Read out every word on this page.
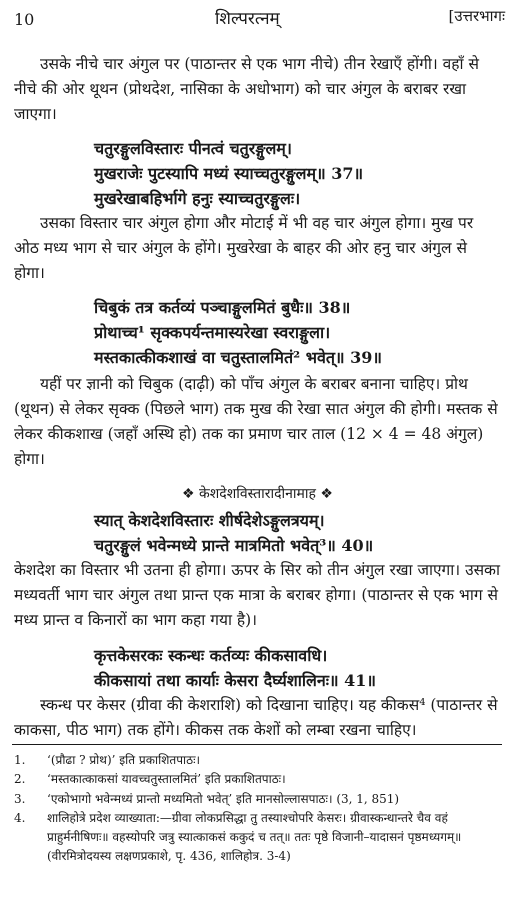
10	शिल्परत्नम्	[उत्तरभागः
उसके नीचे चार अंगुल पर (पाठान्तर से एक भाग नीचे) तीन रेखाएँ होंगी। वहाँ से नीचे की ओर थूथन (प्रोथदेश, नासिका के अधोभाग) को चार अंगुल के बराबर रखा जाएगा।
चतुरङ्गुलविस्तारः पीनत्वं चतुरङ्गुलम्।
मुखराजेः पुटस्यापि मध्यं स्याच्चतुरङ्गुलम्॥ 37॥
मुखरेखाबहिर्भागे हनुः स्याच्चतुरङ्गुलः।
उसका विस्तार चार अंगुल होगा और मोटाई में भी वह चार अंगुल होगा। मुख पर ओठ मध्य भाग से चार अंगुल के होंगे। मुखरेखा के बाहर की ओर हनु चार अंगुल से होगा।
चिबुकं तत्र कर्तव्यं पञ्चाङ्गुलमितं बुधैः॥ 38॥
प्रोथाच्च¹ सृक्कपर्यन्तमास्यरेखा स्वराङ्गुला।
मस्तकात्कीकशाखं वा चतुस्तालमितं² भवेत्॥ 39॥
यहीं पर ज्ञानी को चिबुक (दाढ़ी) को पाँच अंगुल के बराबर बनाना चाहिए। प्रोथ (थूथन) से लेकर सृक्क (पिछले भाग) तक मुख की रेखा सात अंगुल की होगी। मस्तक से लेकर कीकशाख (जहाँ अस्थि हो) तक का प्रमाण चार ताल (12 × 4 = 48 अंगुल) होगा।
❖ केशदेशविस्तारादीनामाह ❖
स्यात् केशदेशविस्तारः शीर्षदेशेऽङ्गुलत्रयम्।
चतुरङ्गुलं भवेन्मध्ये प्रान्ते मात्रमितो भवेत्³॥ 40॥
केशदेश का विस्तार भी उतना ही होगा। ऊपर के सिर को तीन अंगुल रखा जाएगा। उसका मध्यवर्ती भाग चार अंगुल तथा प्रान्त एक मात्रा के बराबर होगा। (पाठान्तर से एक भाग से मध्य प्रान्त व किनारों का भाग कहा गया है)।
कृत्तकेसरकः स्कन्धः कर्तव्यः कीकसावधि।
कीकसायां तथा कार्याः केसरा दैर्घ्यशालिनः॥ 41॥
स्कन्ध पर केसर (ग्रीवा की केशराशि) को दिखाना चाहिए। यह कीकस⁴ (पाठान्तर से काकसा, पीठ भाग) तक होंगे। कीकस तक केशों को लम्बा रखना चाहिए।
1. ‘(प्रौढा ? प्रोथ)’ इति प्रकाशितपाठः।
2. ‘मस्तकात्काकसां यावच्चतुस्तालमितं’ इति प्रकाशितपाठः।
3. ‘एकोभागो भवेन्मध्यं प्रान्तो मध्यमितो भवेत्’ इति मानसोल्लासपाठः। (3, 1, 851)
4. शालिहोत्रे प्रदेश व्याख्याता:—ग्रीवा लोकप्रसिद्धा तु तस्याश्चोपरि केसरः। ग्रीवास्कन्धान्तरे चैव वहं प्राहुर्मनीषिणः॥ वहस्योपरि जत्रु स्यात्काकसं ककुदं च तत्॥ ततः पृष्ठे विजानी–यादासनं पृष्ठमध्यगम्॥ (वीरमित्रोदयस्य लक्षणप्रकाशे, पृ. 436, शालिहोत्र. 3-4)
